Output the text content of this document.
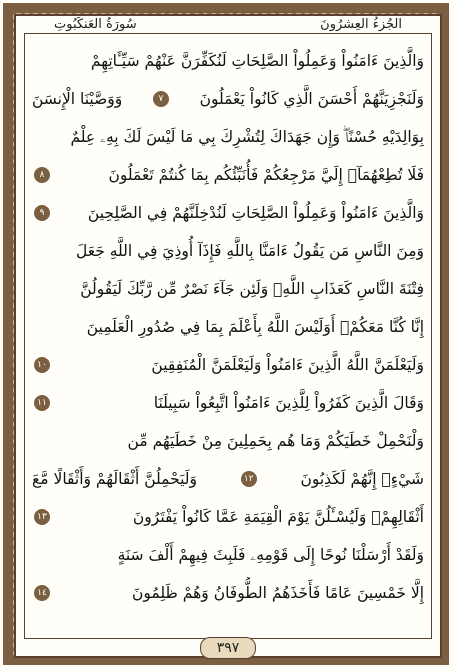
سُورَةُ العَنكَبُوتِ	الجُزءُ العِشرُونَ
وَالَّذِينَ ءَامَنُواْ وَعَمِلُواْ الصَّلِحَاتِ لَنُكَفِّرَنَّ عَنْهُمْ سَيِّـَٔاتِهِمْ
وَلَنَجْزِيَنَّهُمْ أَحْسَنَ الَّذِي كَانُواْ يَعْمَلُونَ
٧
وَوَصَّيْنَا الْإِنسَنَ
بِوَالِدَيْهِ حُسْنًاۖ وَإِن جَهَدَاكَ لِتُشْرِكَ بِي مَا لَيْسَ لَكَ بِهِۦ عِلْمٌ
فَلَا تُطِعْهُمَآۚ إِلَيَّ مَرْجِعُكُمْ فَأُنَبِّئُكُم بِمَا كُنتُمْ تَعْمَلُونَ
٨
وَالَّذِينَ ءَامَنُواْ وَعَمِلُواْ الصَّلِحَاتِ لَنُدْخِلَنَّهُمْ فِي الصَّلِحِينَ
٩
وَمِنَ النَّاسِ مَن يَقُولُ ءَامَنَّا بِاللَّهِ فَإِذَآ أُوذِيَ فِي اللَّهِ جَعَلَ
فِتْنَةَ النَّاسِ كَعَذَابِ اللَّهِۖ وَلَئِن جَآءَ نَصْرٌ مِّن رَّبِّكَ لَيَقُولُنَّ
إِنَّا كُنَّا مَعَكُمْۚ أَوَلَيْسَ اللَّهُ بِأَعْلَمَ بِمَا فِي صُدُورِ الْعَلَمِينَ
وَلَيَعْلَمَنَّ اللَّهُ الَّذِينَ ءَامَنُواْ وَلَيَعْلَمَنَّ الْمُنَفِقِينَ
١٠
وَقَالَ الَّذِينَ كَفَرُواْ لِلَّذِينَ ءَامَنُواْ اتَّبِعُواْ سَبِيلَنَا
١١
وَلْنَحْمِلْ خَطَيَكُمْ وَمَا هُم بِحَمِلِينَ مِنْ خَطَيَهُم مِّن
شَيْءٍۖ إِنَّهُمْ لَكَذِبُونَ
١٢
وَلَيَحْمِلُنَّ أَثْقَالَهُمْ وَأَثْقَالًا مَّعَ
أَثْقَالِهِمْۖ وَلَيُسْـَٔلُنَّ يَوْمَ الْقِيَمَةِ عَمَّا كَانُواْ يَفْتَرُونَ
١٣
وَلَقَدْ أَرْسَلْنَا نُوحًا إِلَى قَوْمِهِۦ فَلَبِثَ فِيهِمْ أَلْفَ سَنَةٍ
إِلَّا خَمْسِينَ عَامًا فَأَخَذَهُمُ الطُّوفَانُ وَهُمْ ظَلِمُونَ
١٤
٣٩٧
